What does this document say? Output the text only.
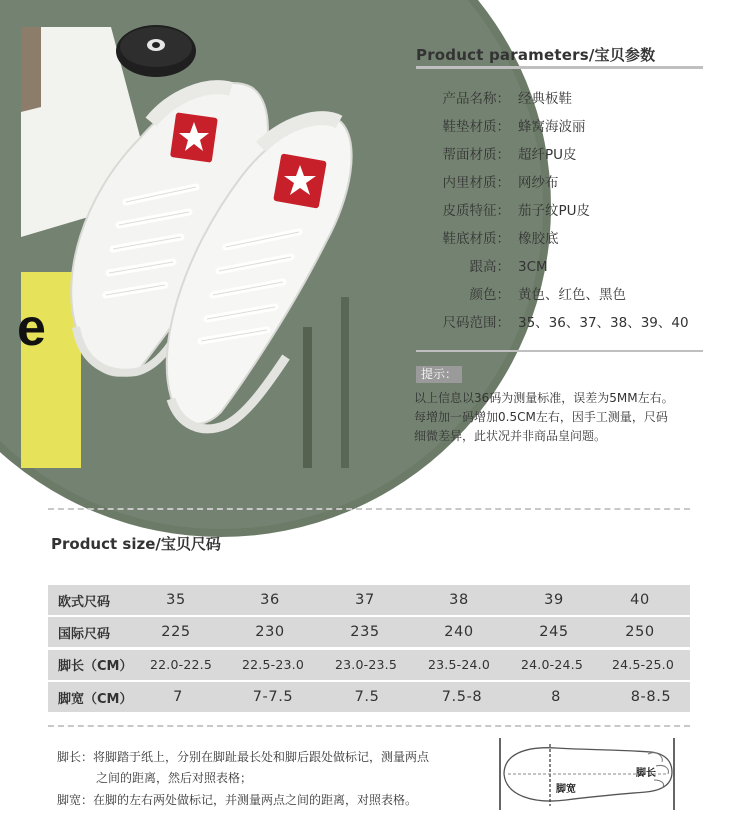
e
Product parameters/宝贝参数
产品名称： 经典板鞋
鞋垫材质： 蜂窝海波丽
帮面材质： 超纤PU皮
内里材质： 网纱布
皮质特征： 茄子纹PU皮
鞋底材质： 橡胶底
跟高： 3CM
颜色： 黄色、红色、黑色
尺码范围： 35、36、37、38、39、40
提示：
以上信息以36码为测量标准，误差为5MM左右。
每增加一码增加0.5CM左右，因手工测量，尺码
细微差异，此状况并非商品皇问题。
Product size/宝贝尺码
欧式尺码	35	36	37	38	39	40
国际尺码	225	230	235	240	245	250
脚长（CM）	22.0-22.5	22.5-23.0	23.0-23.5	23.5-24.0	24.0-24.5	24.5-25.0
脚宽（CM）	7	7-7.5	7.5	7.5-8	8	8-8.5
脚长：将脚踏于纸上，分别在脚趾最长处和脚后跟处做标记，测量两点
之间的距离，然后对照表格；
脚宽：在脚的左右两处做标记，并测量两点之间的距离，对照表格。
脚长
脚宽
